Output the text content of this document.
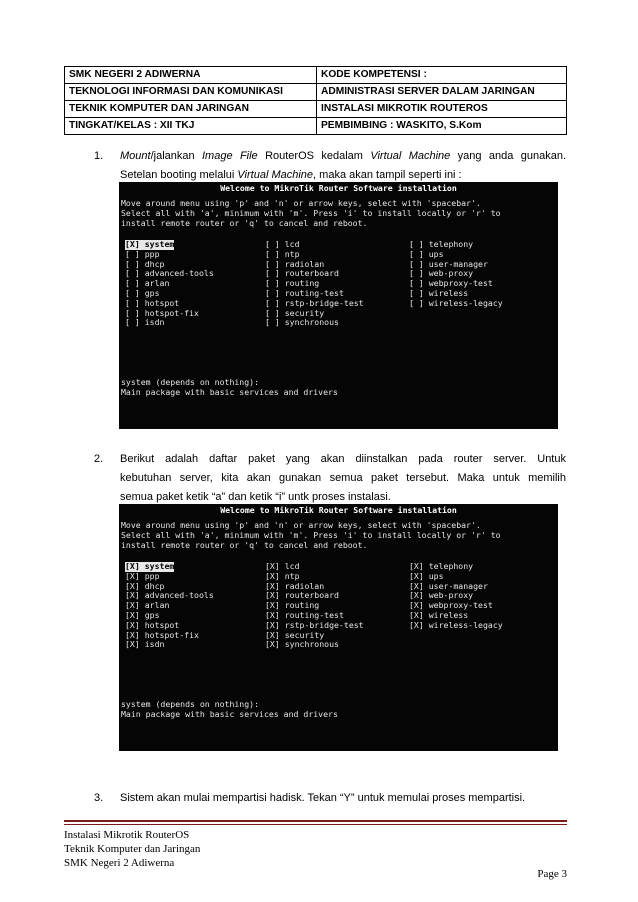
SMK NEGERI 2 ADIWERNA	KODE KOMPETENSI :
TEKNOLOGI INFORMASI DAN KOMUNIKASI	ADMINISTRASI SERVER DALAM JARINGAN
TEKNIK KOMPUTER DAN JARINGAN	INSTALASI MIKROTIK ROUTEROS
TINGKAT/KELAS : XII TKJ	PEMBIMBING : WASKITO, S.Kom
1. Mount/jalankan Image File RouterOS kedalam Virtual Machine yang anda gunakan.
Setelan booting melalui Virtual Machine, maka akan tampil seperti ini :
Welcome to MikroTik Router Software installation
Move around menu using 'p' and 'n' or arrow keys, select with 'spacebar'.
Select all with 'a', minimum with 'm'. Press 'i' to install locally or 'r' to
install remote router or 'q' to cancel and reboot.
[X] system
[ ] ppp
[ ] dhcp
[ ] advanced-tools
[ ] arlan
[ ] gps
[ ] hotspot
[ ] hotspot-fix
[ ] isdn
[ ] lcd
[ ] ntp
[ ] radiolan
[ ] routerboard
[ ] routing
[ ] routing-test
[ ] rstp-bridge-test
[ ] security
[ ] synchronous
[ ] telephony
[ ] ups
[ ] user-manager
[ ] web-proxy
[ ] webproxy-test
[ ] wireless
[ ] wireless-legacy
system (depends on nothing):
Main package with basic services and drivers
2. Berikut adalah daftar paket yang akan diinstalkan pada router server. Untuk
kebutuhan server, kita akan gunakan semua paket tersebut. Maka untuk memilih
semua paket ketik “a” dan ketik “i” untk proses instalasi.
Welcome to MikroTik Router Software installation
Move around menu using 'p' and 'n' or arrow keys, select with 'spacebar'.
Select all with 'a', minimum with 'm'. Press 'i' to install locally or 'r' to
install remote router or 'q' to cancel and reboot.
[X] system
[X] ppp
[X] dhcp
[X] advanced-tools
[X] arlan
[X] gps
[X] hotspot
[X] hotspot-fix
[X] isdn
[X] lcd
[X] ntp
[X] radiolan
[X] routerboard
[X] routing
[X] routing-test
[X] rstp-bridge-test
[X] security
[X] synchronous
[X] telephony
[X] ups
[X] user-manager
[X] web-proxy
[X] webproxy-test
[X] wireless
[X] wireless-legacy
system (depends on nothing):
Main package with basic services and drivers
3. Sistem akan mulai mempartisi hadisk. Tekan “Y” untuk memulai proses mempartisi.
Instalasi Mikrotik RouterOS
Teknik Komputer dan Jaringan
SMK Negeri 2 Adiwerna
Page 3
